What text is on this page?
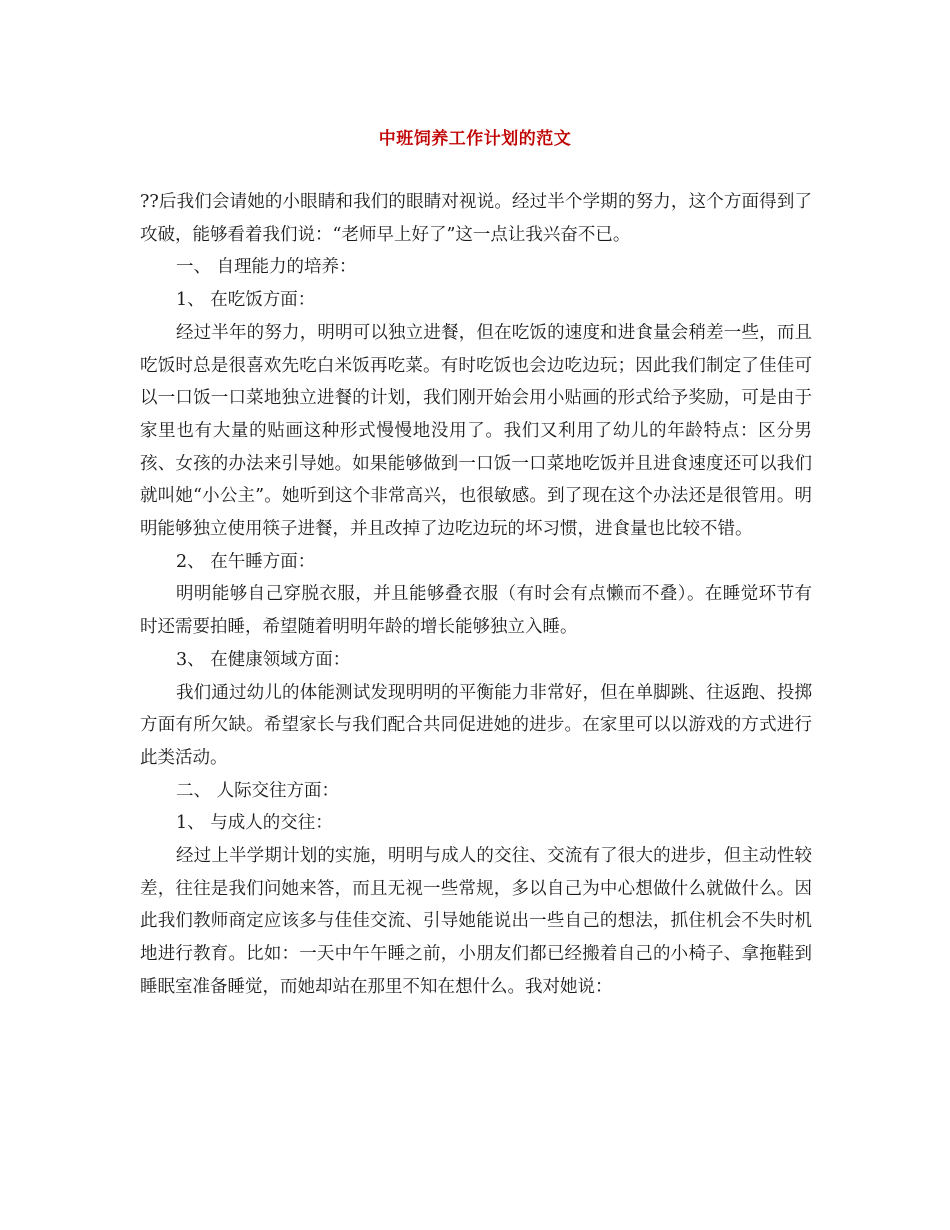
中班饲养工作计划的范文

??后我们会请她的小眼睛和我们的眼睛对视说。经过半个学期的努力，这个方面得到了攻破，能够看着我们说：“老师早上好了”这一点让我兴奋不已。

一、 自理能力的培养：

1、 在吃饭方面：

经过半年的努力，明明可以独立进餐，但在吃饭的速度和进食量会稍差一些，而且吃饭时总是很喜欢先吃白米饭再吃菜。有时吃饭也会边吃边玩；因此我们制定了佳佳可以一口饭一口菜地独立进餐的计划，我们刚开始会用小贴画的形式给予奖励，可是由于家里也有大量的贴画这种形式慢慢地没用了。我们又利用了幼儿的年龄特点：区分男孩、女孩的办法来引导她。如果能够做到一口饭一口菜地吃饭并且进食速度还可以我们就叫她“小公主”。她听到这个非常高兴，也很敏感。到了现在这个办法还是很管用。明明能够独立使用筷子进餐，并且改掉了边吃边玩的坏习惯，进食量也比较不错。

2、 在午睡方面：

明明能够自己穿脱衣服，并且能够叠衣服（有时会有点懒而不叠）。在睡觉环节有时还需要拍睡，希望随着明明年龄的增长能够独立入睡。

3、 在健康领域方面：

我们通过幼儿的体能测试发现明明的平衡能力非常好，但在单脚跳、往返跑、投掷方面有所欠缺。希望家长与我们配合共同促进她的进步。在家里可以以游戏的方式进行此类活动。

二、 人际交往方面：

1、 与成人的交往：

经过上半学期计划的实施，明明与成人的交往、交流有了很大的进步，但主动性较差，往往是我们问她来答，而且无视一些常规，多以自己为中心想做什么就做什么。因此我们教师商定应该多与佳佳交流、引导她能说出一些自己的想法，抓住机会不失时机地进行教育。比如：一天中午午睡之前，小朋友们都已经搬着自己的小椅子、拿拖鞋到睡眠室准备睡觉，而她却站在那里不知在想什么。我对她说：
